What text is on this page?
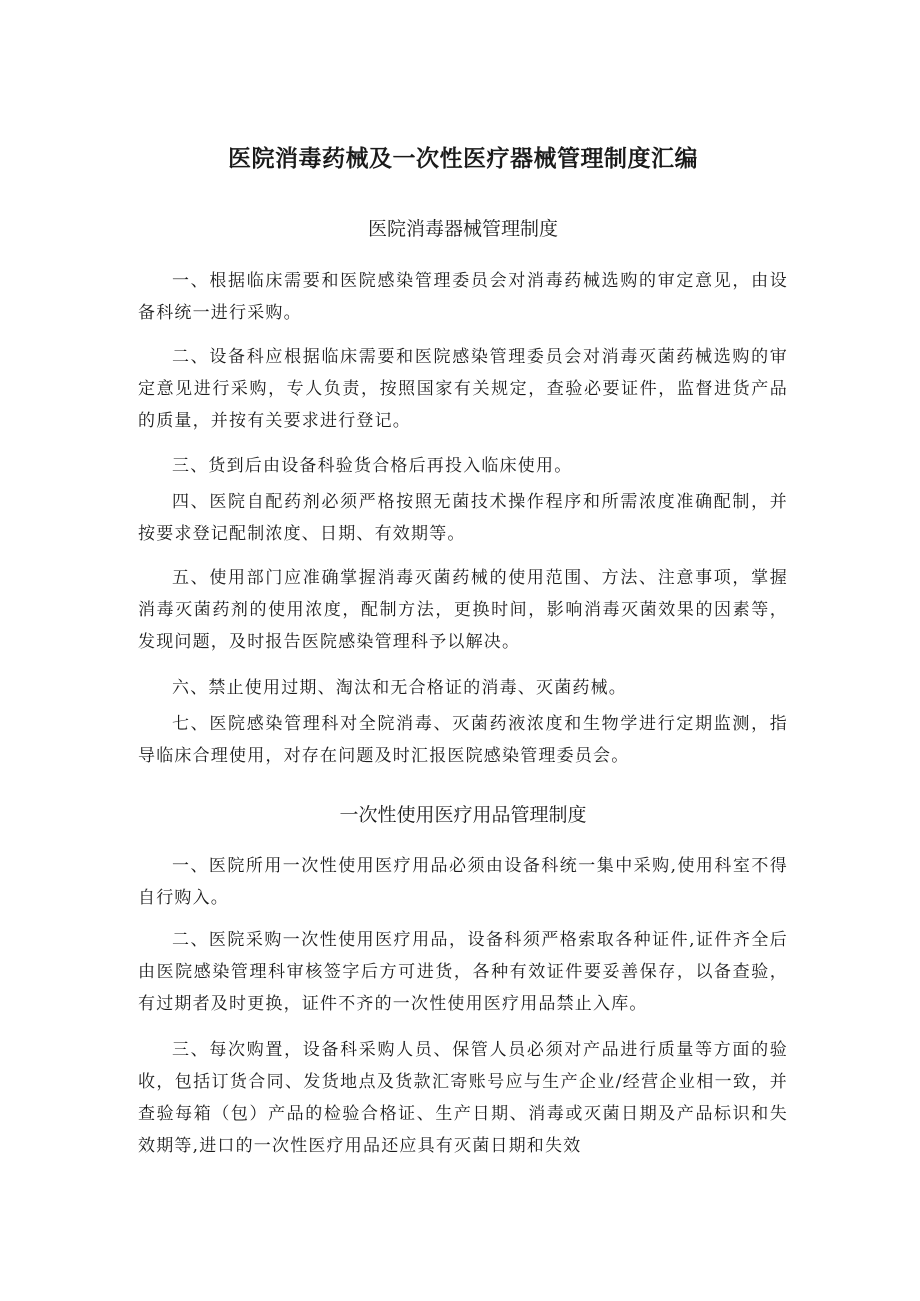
医院消毒药械及一次性医疗器械管理制度汇编
医院消毒器械管理制度

一、根据临床需要和医院感染管理委员会对消毒药械选购的审定意见，由设备科统一进行采购。

二、设备科应根据临床需要和医院感染管理委员会对消毒灭菌药械选购的审定意见进行采购，专人负责，按照国家有关规定，查验必要证件，监督进货产品的质量，并按有关要求进行登记。

三、货到后由设备科验货合格后再投入临床使用。

四、医院自配药剂必须严格按照无菌技术操作程序和所需浓度准确配制，并按要求登记配制浓度、日期、有效期等。

五、使用部门应准确掌握消毒灭菌药械的使用范围、方法、注意事项，掌握消毒灭菌药剂的使用浓度，配制方法，更换时间，影响消毒灭菌效果的因素等，发现问题，及时报告医院感染管理科予以解决。

六、禁止使用过期、淘汰和无合格证的消毒、灭菌药械。

七、医院感染管理科对全院消毒、灭菌药液浓度和生物学进行定期监测，指导临床合理使用，对存在问题及时汇报医院感染管理委员会。

一次性使用医疗用品管理制度

一、医院所用一次性使用医疗用品必须由设备科统一集中采购,使用科室不得自行购入。

二、医院采购一次性使用医疗用品，设备科须严格索取各种证件,证件齐全后由医院感染管理科审核签字后方可进货，各种有效证件要妥善保存，以备查验，有过期者及时更换，证件不齐的一次性使用医疗用品禁止入库。

三、每次购置，设备科采购人员、保管人员必须对产品进行质量等方面的验收，包括订货合同、发货地点及货款汇寄账号应与生产企业/经营企业相一致，并查验每箱（包）产品的检验合格证、生产日期、消毒或灭菌日期及产品标识和失效期等,进口的一次性医疗用品还应具有灭菌日期和失效
